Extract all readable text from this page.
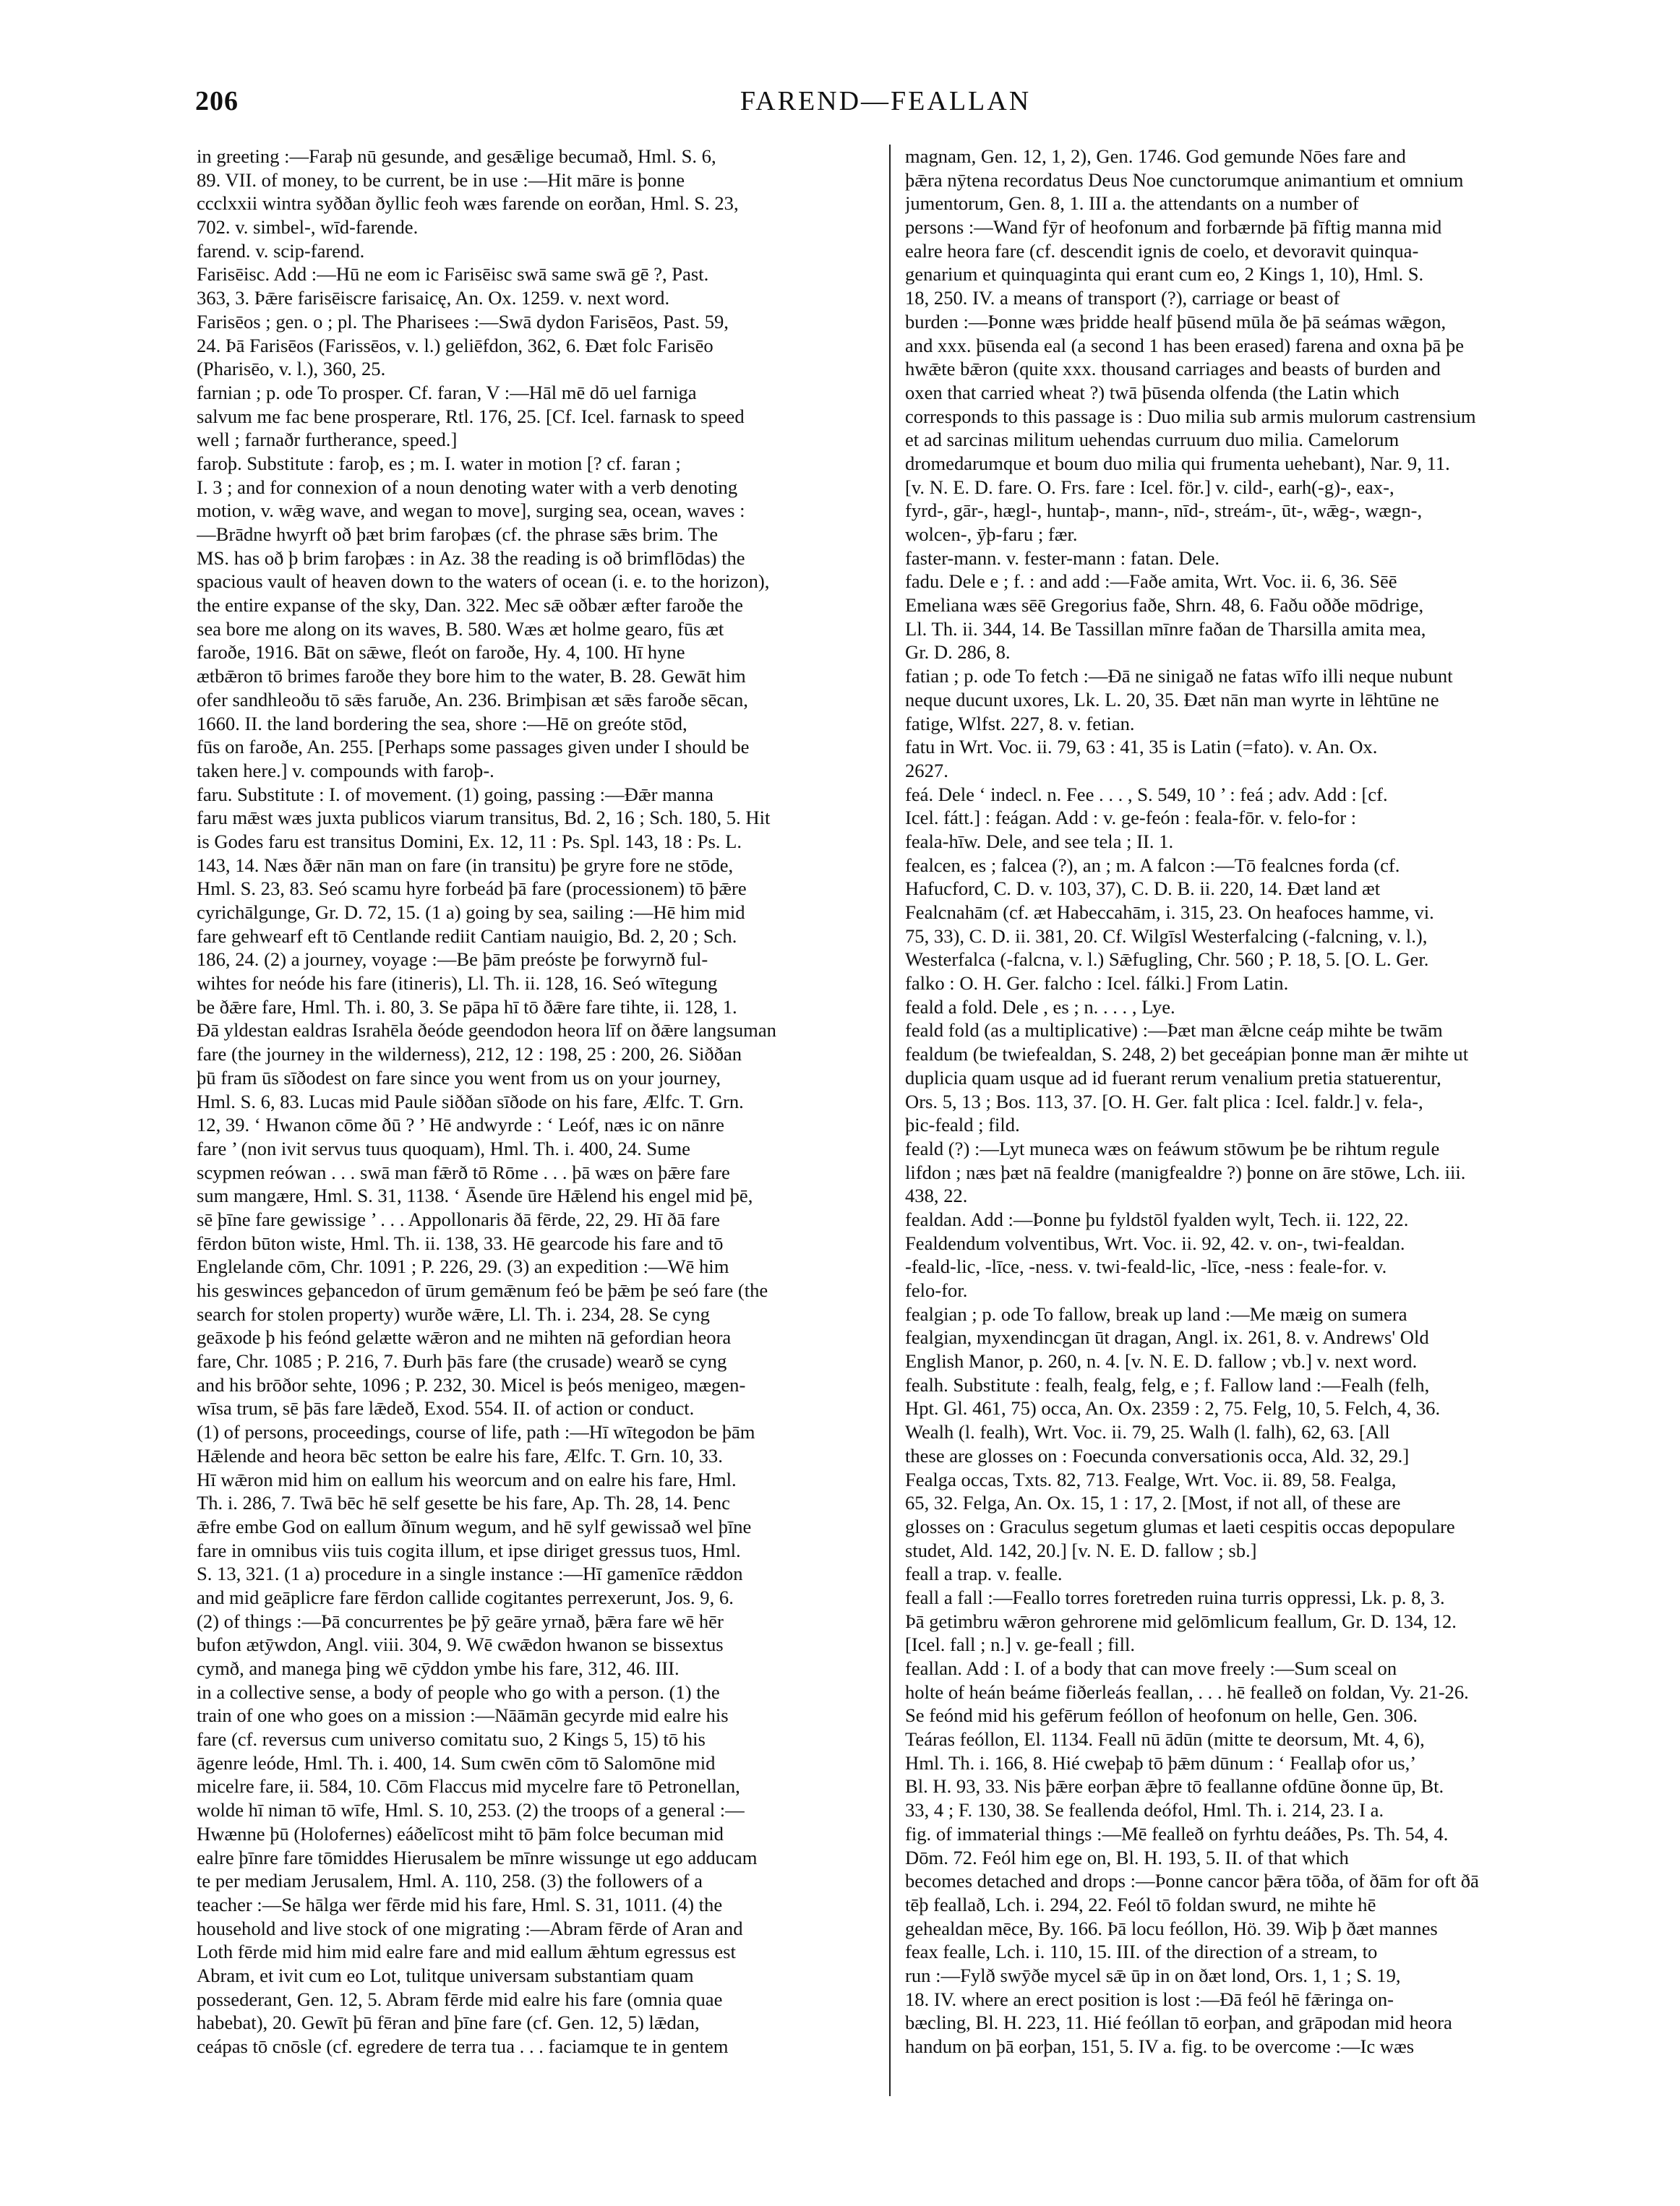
206	FAREND—FEALLAN
in greeting :—Faraþ nū gesunde, and gesǣlige becumað, Hml. S. 6,
89. VII. of money, to be current, be in use :—Hit māre is þonne
ccclxxii wintra syððan ðyllic feoh wæs farende on eorðan, Hml. S. 23,
702. v. simbel-, wīd-farende.
farend. v. scip-farend.
Farisēisc. Add :—Hū ne eom ic Farisēisc swā same swā gē ?, Past.
363, 3. Þǣre farisēiscre farisaicę, An. Ox. 1259. v. next word.
Farisēos ; gen. o ; pl. The Pharisees :—Swā dydon Farisēos, Past. 59,
24. Þā Farisēos (Farissēos, v. l.) geliēfdon, 362, 6. Ðæt folc Farisēo
(Pharisēo, v. l.), 360, 25.
farnian ; p. ode To prosper. Cf. faran, V :—Hāl mē dō uel farniga
salvum me fac bene prosperare, Rtl. 176, 25. [Cf. Icel. farnask to speed
well ; farnaðr furtherance, speed.]
faroþ. Substitute : faroþ, es ; m. I. water in motion [? cf. faran ;
I. 3 ; and for connexion of a noun denoting water with a verb denoting
motion, v. wǣg wave, and wegan to move], surging sea, ocean, waves :
—Brādne hwyrft oð þæt brim faroþæs (cf. the phrase sǣs brim. The
MS. has oð þ brim faroþæs : in Az. 38 the reading is oð brimflōdas) the
spacious vault of heaven down to the waters of ocean (i. e. to the horizon),
the entire expanse of the sky, Dan. 322. Mec sǣ oðbær æfter faroðe the
sea bore me along on its waves, B. 580. Wæs æt holme gearo, fūs æt
faroðe, 1916. Bāt on sǣwe, fleót on faroðe, Hy. 4, 100. Hī hyne
ætbǣron tō brimes faroðe they bore him to the water, B. 28. Gewāt him
ofer sandhleoðu tō sǣs faruðe, An. 236. Brimþisan æt sǣs faroðe sēcan,
1660. II. the land bordering the sea, shore :—Hē on greóte stōd,
fūs on faroðe, An. 255. [Perhaps some passages given under I should be
taken here.] v. compounds with faroþ-.
faru. Substitute : I. of movement. (1) going, passing :—Ðǣr manna
faru mǣst wæs juxta publicos viarum transitus, Bd. 2, 16 ; Sch. 180, 5. Hit
is Godes faru est transitus Domini, Ex. 12, 11 : Ps. Spl. 143, 18 : Ps. L.
143, 14. Næs ðǣr nān man on fare (in transitu) þe gryre fore ne stōde,
Hml. S. 23, 83. Seó scamu hyre forbeád þā fare (processionem) tō þǣre
cyrichālgunge, Gr. D. 72, 15. (1 a) going by sea, sailing :—Hē him mid
fare gehwearf eft tō Centlande rediit Cantiam nauigio, Bd. 2, 20 ; Sch.
186, 24. (2) a journey, voyage :—Be þām preóste þe forwyrnð ful-
wihtes for neóde his fare (itineris), Ll. Th. ii. 128, 16. Seó wītegung
be ðǣre fare, Hml. Th. i. 80, 3. Se pāpa hī tō ðǣre fare tihte, ii. 128, 1.
Ðā yldestan ealdras Israhēla ðeóde geendodon heora līf on ðǣre langsuman
fare (the journey in the wilderness), 212, 12 : 198, 25 : 200, 26. Siððan
þū fram ūs sīðodest on fare since you went from us on your journey,
Hml. S. 6, 83. Lucas mid Paule siððan sīðode on his fare, Ælfc. T. Grn.
12, 39. ‘ Hwanon cōme ðū ? ’ Hē andwyrde : ‘ Leóf, næs ic on nānre
fare ’ (non ivit servus tuus quoquam), Hml. Th. i. 400, 24. Sume
scypmen reówan . . . swā man fǣrð tō Rōme . . . þā wæs on þǣre fare
sum mangære, Hml. S. 31, 1138. ‘ Āsende ūre Hǣlend his engel mid þē,
sē þīne fare gewissige ’ . . . Appollonaris ðā fērde, 22, 29. Hī ðā fare
fērdon būton wiste, Hml. Th. ii. 138, 33. Hē gearcode his fare and tō
Englelande cōm, Chr. 1091 ; P. 226, 29. (3) an expedition :—Wē him
his geswinces geþancedon of ūrum gemǣnum feó be þǣm þe seó fare (the
search for stolen property) wurðe wǣre, Ll. Th. i. 234, 28. Se cyng
geāxode þ his feónd gelætte wǣron and ne mihten nā gefordian heora
fare, Chr. 1085 ; P. 216, 7. Ðurh þās fare (the crusade) wearð se cyng
and his brōðor sehte, 1096 ; P. 232, 30. Micel is þeós menigeo, mægen-
wīsa trum, sē þās fare lǣdeð, Exod. 554. II. of action or conduct.
(1) of persons, proceedings, course of life, path :—Hī wītegodon be þām
Hǣlende and heora bēc setton be ealre his fare, Ælfc. T. Grn. 10, 33.
Hī wǣron mid him on eallum his weorcum and on ealre his fare, Hml.
Th. i. 286, 7. Twā bēc hē self gesette be his fare, Ap. Th. 28, 14. Þenc
ǣfre embe God on eallum ðīnum wegum, and hē sylf gewissað wel þīne
fare in omnibus viis tuis cogita illum, et ipse diriget gressus tuos, Hml.
S. 13, 321. (1 a) procedure in a single instance :—Hī gamenīce rǣddon
and mid geāplicre fare fērdon callide cogitantes perrexerunt, Jos. 9, 6.
(2) of things :—Þā concurrentes þe þȳ geāre yrnað, þǣra fare wē hēr
bufon ætȳwdon, Angl. viii. 304, 9. Wē cwǣdon hwanon se bissextus
cymð, and manega þing wē cȳddon ymbe his fare, 312, 46. III.
in a collective sense, a body of people who go with a person. (1) the
train of one who goes on a mission :—Nāāmān gecyrde mid ealre his
fare (cf. reversus cum universo comitatu suo, 2 Kings 5, 15) tō his
āgenre leóde, Hml. Th. i. 400, 14. Sum cwēn cōm tō Salomōne mid
micelre fare, ii. 584, 10. Cōm Flaccus mid mycelre fare tō Petronellan,
wolde hī niman tō wīfe, Hml. S. 10, 253. (2) the troops of a general :—
Hwænne þū (Holofernes) eáðelīcost miht tō þām folce becuman mid
ealre þīnre fare tōmiddes Hierusalem be mīnre wissunge ut ego adducam
te per mediam Jerusalem, Hml. A. 110, 258. (3) the followers of a
teacher :—Se hālga wer fērde mid his fare, Hml. S. 31, 1011. (4) the
household and live stock of one migrating :—Abram fērde of Aran and
Loth fērde mid him mid ealre fare and mid eallum ǣhtum egressus est
Abram, et ivit cum eo Lot, tulitque universam substantiam quam
possederant, Gen. 12, 5. Abram fērde mid ealre his fare (omnia quae
habebat), 20. Gewīt þū fēran and þīne fare (cf. Gen. 12, 5) lǣdan,
ceápas tō cnōsle (cf. egredere de terra tua . . . faciamque te in gentem
magnam, Gen. 12, 1, 2), Gen. 1746. God gemunde Nōes fare and
þǣra nȳtena recordatus Deus Noe cunctorumque animantium et omnium
jumentorum, Gen. 8, 1. III a. the attendants on a number of
persons :—Wand fȳr of heofonum and forbærnde þā fīftig manna mid
ealre heora fare (cf. descendit ignis de coelo, et devoravit quinqua-
genarium et quinquaginta qui erant cum eo, 2 Kings 1, 10), Hml. S.
18, 250. IV. a means of transport (?), carriage or beast of
burden :—Þonne wæs þridde healf þūsend mūla ðe þā seámas wǣgon,
and xxx. þūsenda eal (a second 1 has been erased) farena and oxna þā þe
hwǣte bǣron (quite xxx. thousand carriages and beasts of burden and
oxen that carried wheat ?) twā þūsenda olfenda (the Latin which
corresponds to this passage is : Duo milia sub armis mulorum castrensium
et ad sarcinas militum uehendas curruum duo milia. Camelorum
dromedarumque et boum duo milia qui frumenta uehebant), Nar. 9, 11.
[v. N. E. D. fare. O. Frs. fare : Icel. för.] v. cild-, earh(-g)-, eax-,
fyrd-, gār-, hægl-, huntaþ-, mann-, nīd-, streám-, ūt-, wǣg-, wægn-,
wolcen-, ȳþ-faru ; fær.
faster-mann. v. fester-mann : fatan. Dele.
fadu. Dele e ; f. : and add :—Faðe amita, Wrt. Voc. ii. 6, 36. Sēē
Emeliana wæs sēē Gregorius faðe, Shrn. 48, 6. Faðu oððe mōdrige,
Ll. Th. ii. 344, 14. Be Tassillan mīnre faðan de Tharsilla amita mea,
Gr. D. 286, 8.
fatian ; p. ode To fetch :—Ðā ne sinigað ne fatas wīfo illi neque nubunt
neque ducunt uxores, Lk. L. 20, 35. Ðæt nān man wyrte in lēhtūne ne
fatige, Wlfst. 227, 8. v. fetian.
fatu in Wrt. Voc. ii. 79, 63 : 41, 35 is Latin (=fato). v. An. Ox.
2627.
feá. Dele ‘ indecl. n. Fee . . . , S. 549, 10 ’ : feá ; adv. Add : [cf.
Icel. fátt.] : feágan. Add : v. ge-feón : feala-fōr. v. felo-for :
feala-hīw. Dele, and see tela ; II. 1.
fealcen, es ; falcea (?), an ; m. A falcon :—Tō fealcnes forda (cf.
Hafucford, C. D. v. 103, 37), C. D. B. ii. 220, 14. Ðæt land æt
Fealcnahām (cf. æt Habeccahām, i. 315, 23. On heafoces hamme, vi.
75, 33), C. D. ii. 381, 20. Cf. Wilgīsl Westerfalcing (-falcning, v. l.),
Westerfalca (-falcna, v. l.) Sǣfugling, Chr. 560 ; P. 18, 5. [O. L. Ger.
falko : O. H. Ger. falcho : Icel. fálki.] From Latin.
feald a fold. Dele , es ; n. . . . , Lye.
feald fold (as a multiplicative) :—Þæt man ǣlcne ceáp mihte be twām
fealdum (be twiefealdan, S. 248, 2) bet geceápian þonne man ǣr mihte ut
duplicia quam usque ad id fuerant rerum venalium pretia statuerentur,
Ors. 5, 13 ; Bos. 113, 37. [O. H. Ger. falt plica : Icel. faldr.] v. fela-,
þic-feald ; fild.
feald (?) :—Lyt muneca wæs on feáwum stōwum þe be rihtum regule
lifdon ; næs þæt nā fealdre (manigfealdre ?) þonne on āre stōwe, Lch. iii.
438, 22.
fealdan. Add :—Þonne þu fyldstōl fyalden wylt, Tech. ii. 122, 22.
Fealdendum volventibus, Wrt. Voc. ii. 92, 42. v. on-, twi-fealdan.
-feald-lic, -līce, -ness. v. twi-feald-lic, -līce, -ness : feale-for. v.
felo-for.
fealgian ; p. ode To fallow, break up land :—Me mæig on sumera
fealgian, myxendincgan ūt dragan, Angl. ix. 261, 8. v. Andrews' Old
English Manor, p. 260, n. 4. [v. N. E. D. fallow ; vb.] v. next word.
fealh. Substitute : fealh, fealg, felg, e ; f. Fallow land :—Fealh (felh,
Hpt. Gl. 461, 75) occa, An. Ox. 2359 : 2, 75. Felg, 10, 5. Felch, 4, 36.
Wealh (l. fealh), Wrt. Voc. ii. 79, 25. Walh (l. falh), 62, 63. [All
these are glosses on : Foecunda conversationis occa, Ald. 32, 29.]
Fealga occas, Txts. 82, 713. Fealge, Wrt. Voc. ii. 89, 58. Fealga,
65, 32. Felga, An. Ox. 15, 1 : 17, 2. [Most, if not all, of these are
glosses on : Graculus segetum glumas et laeti cespitis occas depopulare
studet, Ald. 142, 20.] [v. N. E. D. fallow ; sb.]
feall a trap. v. fealle.
feall a fall :—Feallo torres foretreden ruina turris oppressi, Lk. p. 8, 3.
Þā getimbru wǣron gehrorene mid gelōmlicum feallum, Gr. D. 134, 12.
[Icel. fall ; n.] v. ge-feall ; fill.
feallan. Add : I. of a body that can move freely :—Sum sceal on
holte of heán beáme fiðerleás feallan, . . . hē fealleð on foldan, Vy. 21-26.
Se feónd mid his gefērum feóllon of heofonum on helle, Gen. 306.
Teáras feóllon, El. 1134. Feall nū ādūn (mitte te deorsum, Mt. 4, 6),
Hml. Th. i. 166, 8. Hié cweþaþ tō þǣm dūnum : ‘ Feallaþ ofor us,’
Bl. H. 93, 33. Nis þǣre eorþan ǣþre tō feallanne ofdūne ðonne ūp, Bt.
33, 4 ; F. 130, 38. Se feallenda deófol, Hml. Th. i. 214, 23. I a.
fig. of immaterial things :—Mē fealleð on fyrhtu deáðes, Ps. Th. 54, 4.
Dōm. 72. Feól him ege on, Bl. H. 193, 5. II. of that which
becomes detached and drops :—Þonne cancor þǣra tōða, of ðām for oft ðā
tēþ feallað, Lch. i. 294, 22. Feól tō foldan swurd, ne mihte hē
gehealdan mēce, By. 166. Þā locu feóllon, Hö. 39. Wiþ þ ðæt mannes
feax fealle, Lch. i. 110, 15. III. of the direction of a stream, to
run :—Fylð swȳðe mycel sǣ ūp in on ðæt lond, Ors. 1, 1 ; S. 19,
18. IV. where an erect position is lost :—Ðā feól hē fǣringa on-
bæcling, Bl. H. 223, 11. Hié feóllan tō eorþan, and grāpodan mid heora
handum on þā eorþan, 151, 5. IV a. fig. to be overcome :—Ic wæs
